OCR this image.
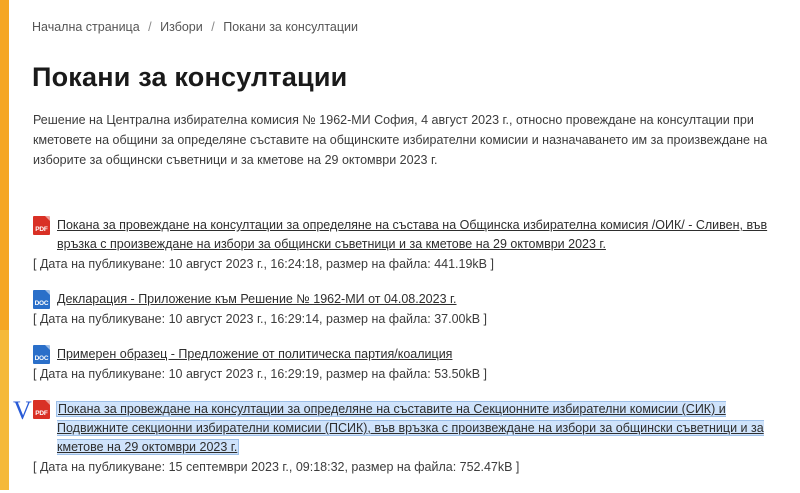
Начална страница / Избори / Покани за консултации
Покани за консултации
Решение на Централна избирателна комисия № 1962-МИ София, 4 август 2023 г., относно провеждане на консултации при кметовете на общини за определяне съставите на общинските избирателни комисии и назначаването им за произвеждане на изборите за общински съветници и за кметове на 29 октомври 2023 г.
PDF Покана за провеждане на консултации за определяне на състава на Общинска избирателна комисия /ОИК/ - Сливен, във връзка с произвеждане на избори за общински съветници и за кметове на 29 октомври 2023 г.
[ Дата на публикуване: 10 август 2023 г., 16:24:18, размер на файла: 441.19kB ]
DOC Декларация - Приложение към Решение № 1962-МИ от 04.08.2023 г.
[ Дата на публикуване: 10 август 2023 г., 16:29:14, размер на файла: 37.00kB ]
DOC Примерен образец - Предложение от политическа партия/коалиция
[ Дата на публикуване: 10 август 2023 г., 16:29:19, размер на файла: 53.50kB ]
V PDF Покана за провеждане на консултации за определяне на съставите на Секционните избирателни комисии (СИК) и Подвижните секционни избирателни комисии (ПСИК), във връзка с произвеждане на избори за общински съветници и за кметове на 29 октомври 2023 г.
[ Дата на публикуване: 15 септември 2023 г., 09:18:32, размер на файла: 752.47kB ]
